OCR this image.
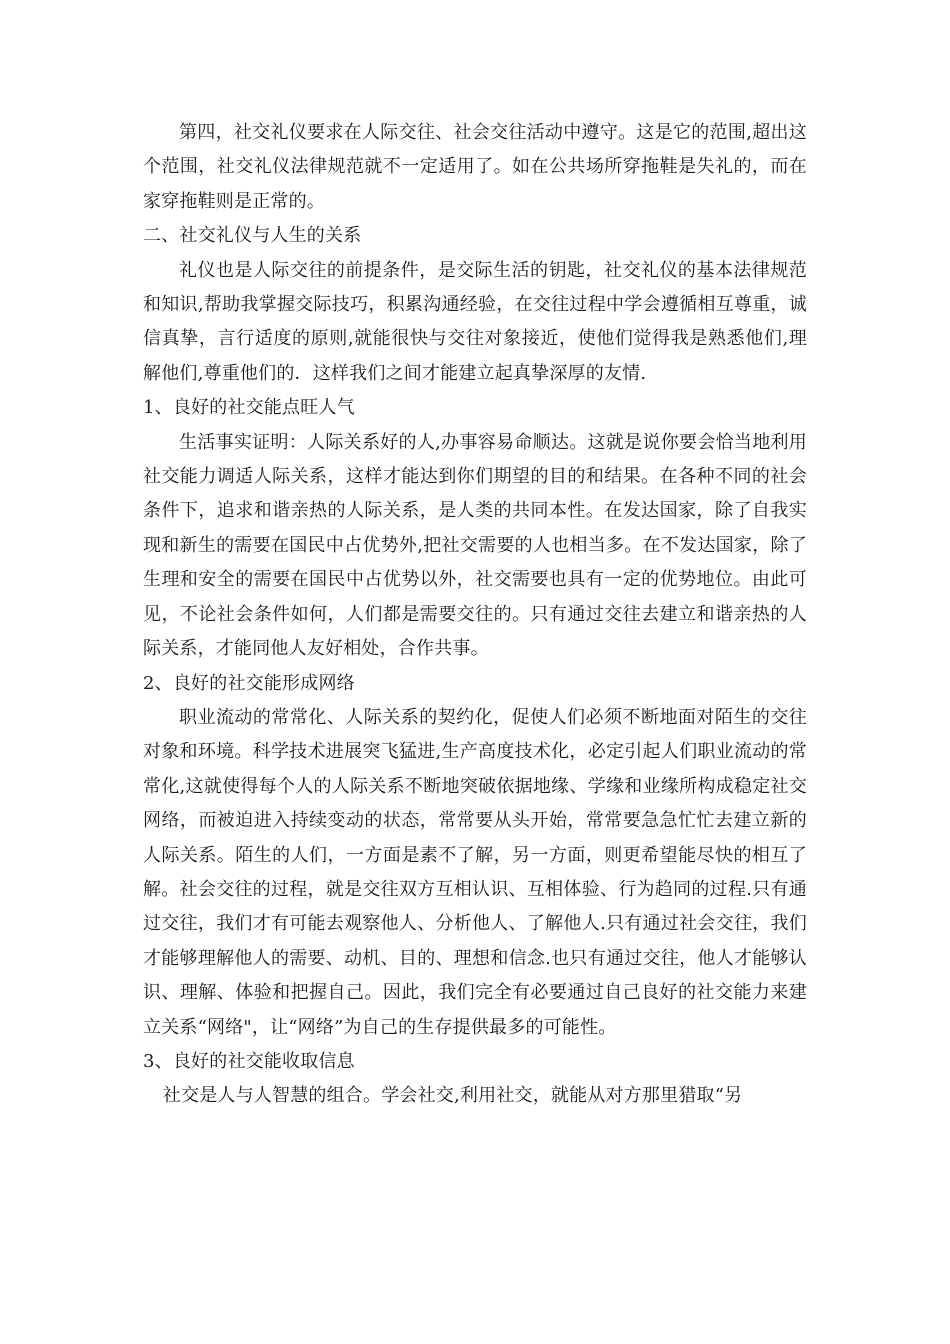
第四，社交礼仪要求在人际交往、社会交往活动中遵守。这是它的范围,超出这个范围，社交礼仪法律规范就不一定适用了。如在公共场所穿拖鞋是失礼的，而在家穿拖鞋则是正常的。

二、社交礼仪与人生的关系

礼仪也是人际交往的前提条件，是交际生活的钥匙，社交礼仪的基本法律规范和知识,帮助我掌握交际技巧，积累沟通经验，在交往过程中学会遵循相互尊重，诚信真挚，言行适度的原则,就能很快与交往对象接近，使他们觉得我是熟悉他们,理解他们,尊重他们的．这样我们之间才能建立起真挚深厚的友情.

1、良好的社交能点旺人气

生活事实证明：人际关系好的人,办事容易命顺达。这就是说你要会恰当地利用社交能力调适人际关系，这样才能达到你们期望的目的和结果。在各种不同的社会条件下，追求和谐亲热的人际关系，是人类的共同本性。在发达国家，除了自我实现和新生的需要在国民中占优势外,把社交需要的人也相当多。在不发达国家，除了生理和安全的需要在国民中占优势以外，社交需要也具有一定的优势地位。由此可见，不论社会条件如何，人们都是需要交往的。只有通过交往去建立和谐亲热的人际关系，才能同他人友好相处，合作共事。

2、良好的社交能形成网络

职业流动的常常化、人际关系的契约化，促使人们必须不断地面对陌生的交往对象和环境。科学技术进展突飞猛进,生产高度技术化，必定引起人们职业流动的常常化,这就使得每个人的人际关系不断地突破依据地缘、学缘和业缘所构成稳定社交网络，而被迫进入持续变动的状态，常常要从头开始，常常要急急忙忙去建立新的人际关系。陌生的人们，一方面是素不了解，另一方面，则更希望能尽快的相互了解。社会交往的过程，就是交往双方互相认识、互相体验、行为趋同的过程.只有通过交往，我们才有可能去观察他人、分析他人、了解他人.只有通过社会交往，我们才能够理解他人的需要、动机、目的、理想和信念.也只有通过交往，他人才能够认识、理解、体验和把握自己。因此，我们完全有必要通过自己良好的社交能力来建立关系“网络"，让“网络”为自己的生存提供最多的可能性。

3、良好的社交能收取信息

社交是人与人智慧的组合。学会社交,利用社交，就能从对方那里猎取“另
